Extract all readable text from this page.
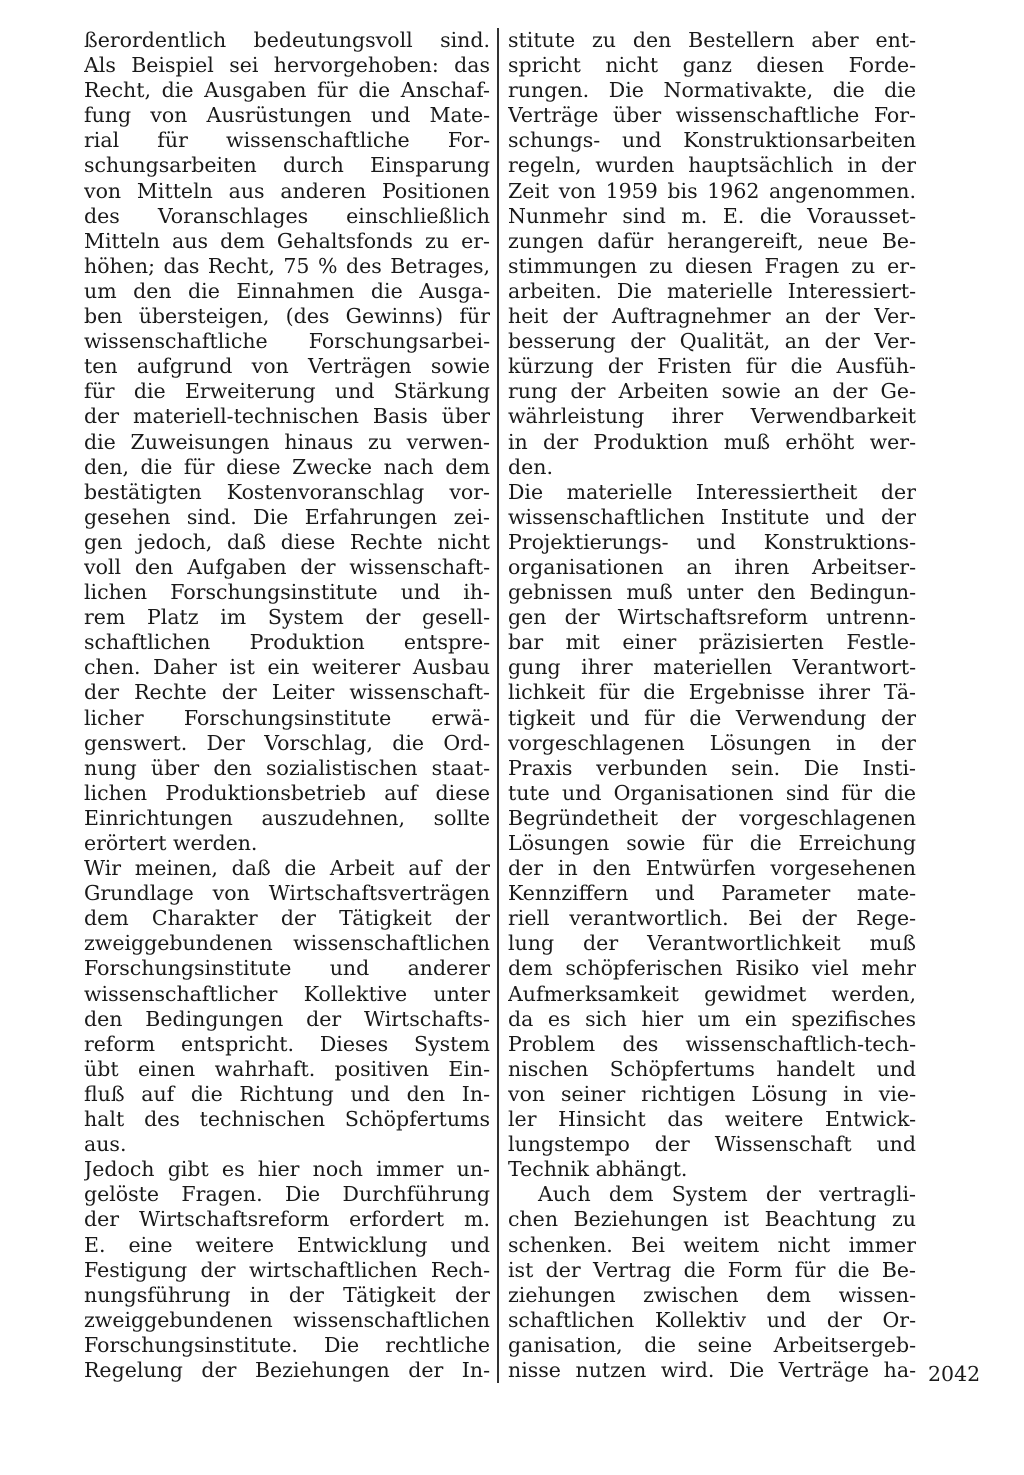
ßerordentlich bedeutungsvoll sind.
Als Beispiel sei hervorgehoben: das
Recht, die Ausgaben für die Anschaf-
fung von Ausrüstungen und Mate-
rial für wissenschaftliche For-
schungsarbeiten durch Einsparung
von Mitteln aus anderen Positionen
des Voranschlages einschließlich
Mitteln aus dem Gehaltsfonds zu er-
höhen; das Recht, 75 % des Betrages,
um den die Einnahmen die Ausga-
ben übersteigen, (des Gewinns) für
wissenschaftliche Forschungsarbei-
ten aufgrund von Verträgen sowie
für die Erweiterung und Stärkung
der materiell-technischen Basis über
die Zuweisungen hinaus zu verwen-
den, die für diese Zwecke nach dem
bestätigten Kostenvoranschlag vor-
gesehen sind. Die Erfahrungen zei-
gen jedoch, daß diese Rechte nicht
voll den Aufgaben der wissenschaft-
lichen Forschungsinstitute und ih-
rem Platz im System der gesell-
schaftlichen Produktion entspre-
chen. Daher ist ein weiterer Ausbau
der Rechte der Leiter wissenschaft-
licher Forschungsinstitute erwä-
genswert. Der Vorschlag, die Ord-
nung über den sozialistischen staat-
lichen Produktionsbetrieb auf diese
Einrichtungen auszudehnen, sollte
erörtert werden.
Wir meinen, daß die Arbeit auf der
Grundlage von Wirtschaftsverträgen
dem Charakter der Tätigkeit der
zweiggebundenen wissenschaftlichen
Forschungsinstitute und anderer
wissenschaftlicher Kollektive unter
den Bedingungen der Wirtschafts-
reform entspricht. Dieses System
übt einen wahrhaft. positiven Ein-
fluß auf die Richtung und den In-
halt des technischen Schöpfertums
aus.
Jedoch gibt es hier noch immer un-
gelöste Fragen. Die Durchführung
der Wirtschaftsreform erfordert m.
E. eine weitere Entwicklung und
Festigung der wirtschaftlichen Rech-
nungsführung in der Tätigkeit der
zweiggebundenen wissenschaftlichen
Forschungsinstitute. Die rechtliche
Regelung der Beziehungen der In-
stitute zu den Bestellern aber ent-
spricht nicht ganz diesen Forde-
rungen. Die Normativakte, die die
Verträge über wissenschaftliche For-
schungs- und Konstruktionsarbeiten
regeln, wurden hauptsächlich in der
Zeit von 1959 bis 1962 angenommen.
Nunmehr sind m. E. die Vorausset-
zungen dafür herangereift, neue Be-
stimmungen zu diesen Fragen zu er-
arbeiten. Die materielle Interessiert-
heit der Auftragnehmer an der Ver-
besserung der Qualität, an der Ver-
kürzung der Fristen für die Ausfüh-
rung der Arbeiten sowie an der Ge-
währleistung ihrer Verwendbarkeit
in der Produktion muß erhöht wer-
den.
Die materielle Interessiertheit der
wissenschaftlichen Institute und der
Projektierungs- und Konstruktions-
organisationen an ihren Arbeitser-
gebnissen muß unter den Bedingun-
gen der Wirtschaftsreform untrenn-
bar mit einer präzisierten Festle-
gung ihrer materiellen Verantwort-
lichkeit für die Ergebnisse ihrer Tä-
tigkeit und für die Verwendung der
vorgeschlagenen Lösungen in der
Praxis verbunden sein. Die Insti-
tute und Organisationen sind für die
Begründetheit der vorgeschlagenen
Lösungen sowie für die Erreichung
der in den Entwürfen vorgesehenen
Kennziffern und Parameter mate-
riell verantwortlich. Bei der Rege-
lung der Verantwortlichkeit muß
dem schöpferischen Risiko viel mehr
Aufmerksamkeit gewidmet werden,
da es sich hier um ein spezifisches
Problem des wissenschaftlich-tech-
nischen Schöpfertums handelt und
von seiner richtigen Lösung in vie-
ler Hinsicht das weitere Entwick-
lungstempo der Wissenschaft und
Technik abhängt.
Auch dem System der vertragli-
chen Beziehungen ist Beachtung zu
schenken. Bei weitem nicht immer
ist der Vertrag die Form für die Be-
ziehungen zwischen dem wissen-
schaftlichen Kollektiv und der Or-
ganisation, die seine Arbeitsergeb-
nisse nutzen wird. Die Verträge ha- 2042
